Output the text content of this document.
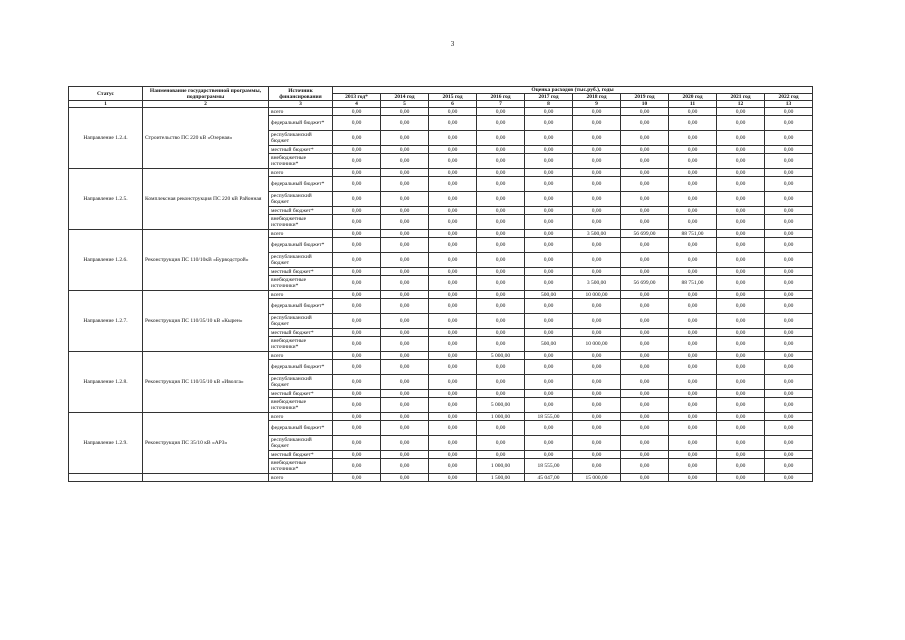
3
Статус	Наименование государственной программы, подпрограммы	Источник финансирования	Оценка расходов (тыс.руб.), годы									
			2013 год*	2014 год	2015 год	2016 год	2017 год	2018 год	2019 год	2020 год	2021 год	2022 год
1	2	3	4	5	6	7	8	9	10	11	12	13
Направление 1.2.4.	Строительство ПС 220 кВ «Озерная»	всего	0,00	0,00	0,00	0,00	0,00	0,00	0,00	0,00	0,00	0,00
		федеральный бюджет*	0,00	0,00	0,00	0,00	0,00	0,00	0,00	0,00	0,00	0,00
		республиканский бюджет	0,00	0,00	0,00	0,00	0,00	0,00	0,00	0,00	0,00	0,00
		местный бюджет*	0,00	0,00	0,00	0,00	0,00	0,00	0,00	0,00	0,00	0,00
		внебюджетные источники*	0,00	0,00	0,00	0,00	0,00	0,00	0,00	0,00	0,00	0,00
Направление 1.2.5.	Комплексная реконструкция ПС 220 кВ Районная	всего	0,00	0,00	0,00	0,00	0,00	0,00	0,00	0,00	0,00	0,00
		федеральный бюджет*	0,00	0,00	0,00	0,00	0,00	0,00	0,00	0,00	0,00	0,00
		республиканский бюджет	0,00	0,00	0,00	0,00	0,00	0,00	0,00	0,00	0,00	0,00
		местный бюджет*	0,00	0,00	0,00	0,00	0,00	0,00	0,00	0,00	0,00	0,00
		внебюджетные источники*	0,00	0,00	0,00	0,00	0,00	0,00	0,00	0,00	0,00	0,00
Направление 1.2.6.	Реконструкция ПС 110/10кВ «Бурводстрой»	всего	0,00	0,00	0,00	0,00	0,00	3 500,00	56 699,00	88 751,00	0,00	0,00
		федеральный бюджет*	0,00	0,00	0,00	0,00	0,00	0,00	0,00	0,00	0,00	0,00
		республиканский бюджет	0,00	0,00	0,00	0,00	0,00	0,00	0,00	0,00	0,00	0,00
		местный бюджет*	0,00	0,00	0,00	0,00	0,00	0,00	0,00	0,00	0,00	0,00
		внебюджетные источники*	0,00	0,00	0,00	0,00	0,00	3 500,00	56 699,00	88 751,00	0,00	0,00
Направление 1.2.7.	Реконструкция ПС 110/35/10 кВ «Кырен»	всего	0,00	0,00	0,00	0,00	500,00	10 000,00	0,00	0,00	0,00	0,00
		федеральный бюджет*	0,00	0,00	0,00	0,00	0,00	0,00	0,00	0,00	0,00	0,00
		республиканский бюджет	0,00	0,00	0,00	0,00	0,00	0,00	0,00	0,00	0,00	0,00
		местный бюджет*	0,00	0,00	0,00	0,00	0,00	0,00	0,00	0,00	0,00	0,00
		внебюджетные источники*	0,00	0,00	0,00	0,00	500,00	10 000,00	0,00	0,00	0,00	0,00
Направление 1.2.8.	Реконструкция ПС 110/35/10 кВ «Иволга»	всего	0,00	0,00	0,00	5 000,00	0,00	0,00	0,00	0,00	0,00	0,00
		федеральный бюджет*	0,00	0,00	0,00	0,00	0,00	0,00	0,00	0,00	0,00	0,00
		республиканский бюджет	0,00	0,00	0,00	0,00	0,00	0,00	0,00	0,00	0,00	0,00
		местный бюджет*	0,00	0,00	0,00	0,00	0,00	0,00	0,00	0,00	0,00	0,00
		внебюджетные источники*	0,00	0,00	0,00	5 000,00	0,00	0,00	0,00	0,00	0,00	0,00
Направление 1.2.9.	Реконструкция ПС 35/10 кВ «АРЗ»	всего	0,00	0,00	0,00	1 000,00	18 555,00	0,00	0,00	0,00	0,00	0,00
		федеральный бюджет*	0,00	0,00	0,00	0,00	0,00	0,00	0,00	0,00	0,00	0,00
		республиканский бюджет	0,00	0,00	0,00	0,00	0,00	0,00	0,00	0,00	0,00	0,00
		местный бюджет*	0,00	0,00	0,00	0,00	0,00	0,00	0,00	0,00	0,00	0,00
		внебюджетные источники*	0,00	0,00	0,00	1 000,00	18 555,00	0,00	0,00	0,00	0,00	0,00
		всего	0,00	0,00	0,00	1 500,00	45 047,00	15 000,00	0,00	0,00	0,00	0,00
